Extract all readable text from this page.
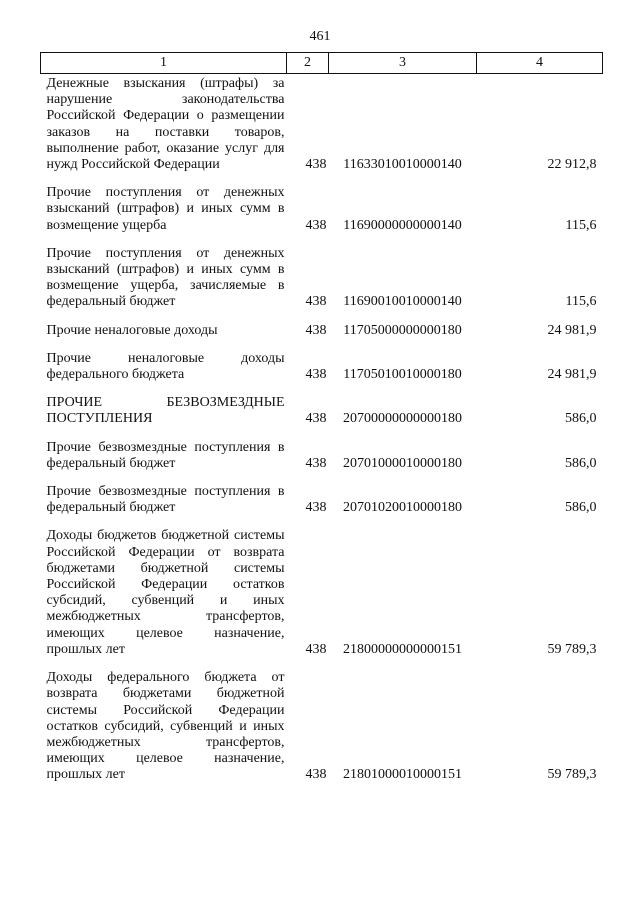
461
1	2	3	4
Денежные взыскания (штрафы) за нарушение законодательства Российской Федерации о размещении заказов на поставки товаров, выполнение работ, оказание услуг для нужд Российской Федерации	438	11633010010000140	22 912,8
Прочие поступления от денежных взысканий (штрафов) и иных сумм в возмещение ущерба	438	11690000000000140	115,6
Прочие поступления от денежных взысканий (штрафов) и иных сумм в возмещение ущерба, зачисляемые в федеральный бюджет	438	11690010010000140	115,6
Прочие неналоговые доходы	438	11705000000000180	24 981,9
Прочие неналоговые доходы федерального бюджета	438	11705010010000180	24 981,9
ПРОЧИЕ БЕЗВОЗМЕЗДНЫЕ ПОСТУПЛЕНИЯ	438	20700000000000180	586,0
Прочие безвозмездные поступления в федеральный бюджет	438	20701000010000180	586,0
Прочие безвозмездные поступления в федеральный бюджет	438	20701020010000180	586,0
Доходы бюджетов бюджетной системы Российской Федерации от возврата бюджетами бюджетной системы Российской Федерации остатков субсидий, субвенций и иных межбюджетных трансфертов, имеющих целевое назначение, прошлых лет	438	21800000000000151	59 789,3
Доходы федерального бюджета от возврата бюджетами бюджетной системы Российской Федерации остатков субсидий, субвенций и иных межбюджетных трансфертов, имеющих целевое назначение, прошлых лет	438	21801000010000151	59 789,3
